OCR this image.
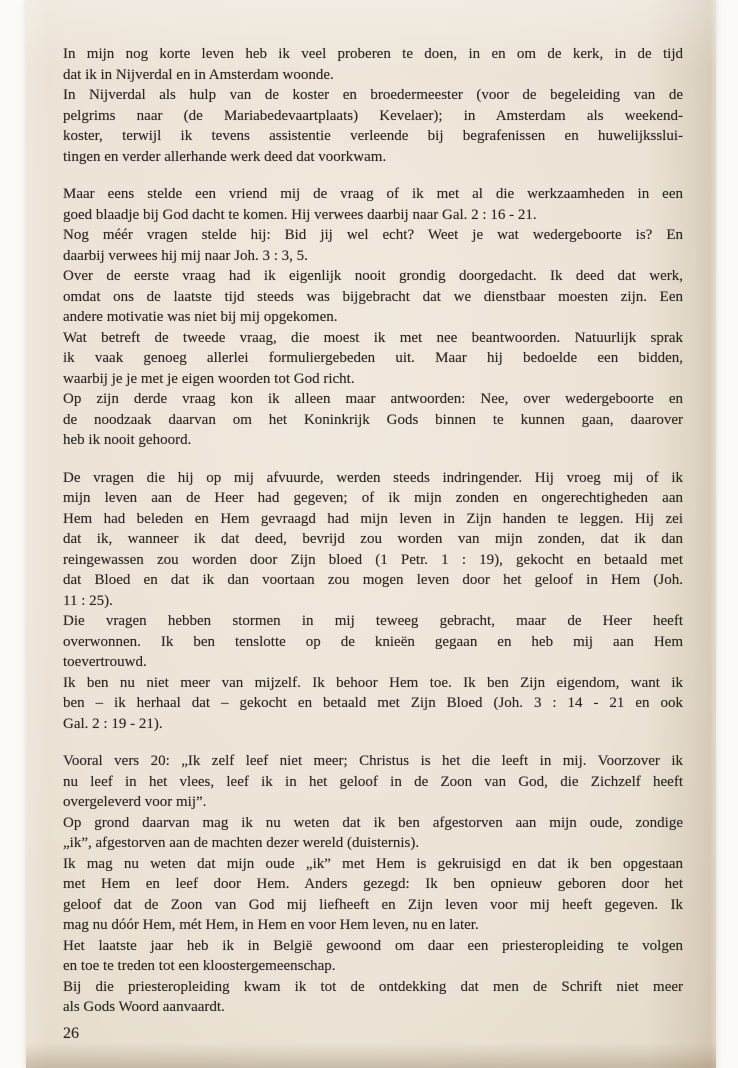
In mijn nog korte leven heb ik veel proberen te doen, in en om de kerk, in de tijd
dat ik in Nijverdal en in Amsterdam woonde.
In Nijverdal als hulp van de koster en broedermeester (voor de begeleiding van de
pelgrims naar (de Mariabedevaartplaats) Kevelaer); in Amsterdam als weekend-
koster, terwijl ik tevens assistentie verleende bij begrafenissen en huwelijksslui-
tingen en verder allerhande werk deed dat voorkwam.
Maar eens stelde een vriend mij de vraag of ik met al die werkzaamheden in een
goed blaadje bij God dacht te komen. Hij verwees daarbij naar Gal. 2 : 16 - 21.
Nog méér vragen stelde hij: Bid jij wel echt? Weet je wat wedergeboorte is? En
daarbij verwees hij mij naar Joh. 3 : 3, 5.
Over de eerste vraag had ik eigenlijk nooit grondig doorgedacht. Ik deed dat werk,
omdat ons de laatste tijd steeds was bijgebracht dat we dienstbaar moesten zijn. Een
andere motivatie was niet bij mij opgekomen.
Wat betreft de tweede vraag, die moest ik met nee beantwoorden. Natuurlijk sprak
ik vaak genoeg allerlei formuliergebeden uit. Maar hij bedoelde een bidden,
waarbij je je met je eigen woorden tot God richt.
Op zijn derde vraag kon ik alleen maar antwoorden: Nee, over wedergeboorte en
de noodzaak daarvan om het Koninkrijk Gods binnen te kunnen gaan, daarover
heb ik nooit gehoord.
De vragen die hij op mij afvuurde, werden steeds indringender. Hij vroeg mij of ik
mijn leven aan de Heer had gegeven; of ik mijn zonden en ongerechtigheden aan
Hem had beleden en Hem gevraagd had mijn leven in Zijn handen te leggen. Hij zei
dat ik, wanneer ik dat deed, bevrijd zou worden van mijn zonden, dat ik dan
reingewassen zou worden door Zijn bloed (1 Petr. 1 : 19), gekocht en betaald met
dat Bloed en dat ik dan voortaan zou mogen leven door het geloof in Hem (Joh.
11 : 25).
Die vragen hebben stormen in mij teweeg gebracht, maar de Heer heeft
overwonnen. Ik ben tenslotte op de knieën gegaan en heb mij aan Hem
toevertrouwd.
Ik ben nu niet meer van mijzelf. Ik behoor Hem toe. Ik ben Zijn eigendom, want ik
ben – ik herhaal dat – gekocht en betaald met Zijn Bloed (Joh. 3 : 14 - 21 en ook
Gal. 2 : 19 - 21).
Vooral vers 20: „Ik zelf leef niet meer; Christus is het die leeft in mij. Voorzover ik
nu leef in het vlees, leef ik in het geloof in de Zoon van God, die Zichzelf heeft
overgeleverd voor mij”.
Op grond daarvan mag ik nu weten dat ik ben afgestorven aan mijn oude, zondige
„ik”, afgestorven aan de machten dezer wereld (duisternis).
Ik mag nu weten dat mijn oude „ik” met Hem is gekruisigd en dat ik ben opgestaan
met Hem en leef door Hem. Anders gezegd: Ik ben opnieuw geboren door het
geloof dat de Zoon van God mij liefheeft en Zijn leven voor mij heeft gegeven. Ik
mag nu dóór Hem, mét Hem, in Hem en voor Hem leven, nu en later.
Het laatste jaar heb ik in België gewoond om daar een priesteropleiding te volgen
en toe te treden tot een kloostergemeenschap.
Bij die priesteropleiding kwam ik tot de ontdekking dat men de Schrift niet meer
als Gods Woord aanvaardt.
26
